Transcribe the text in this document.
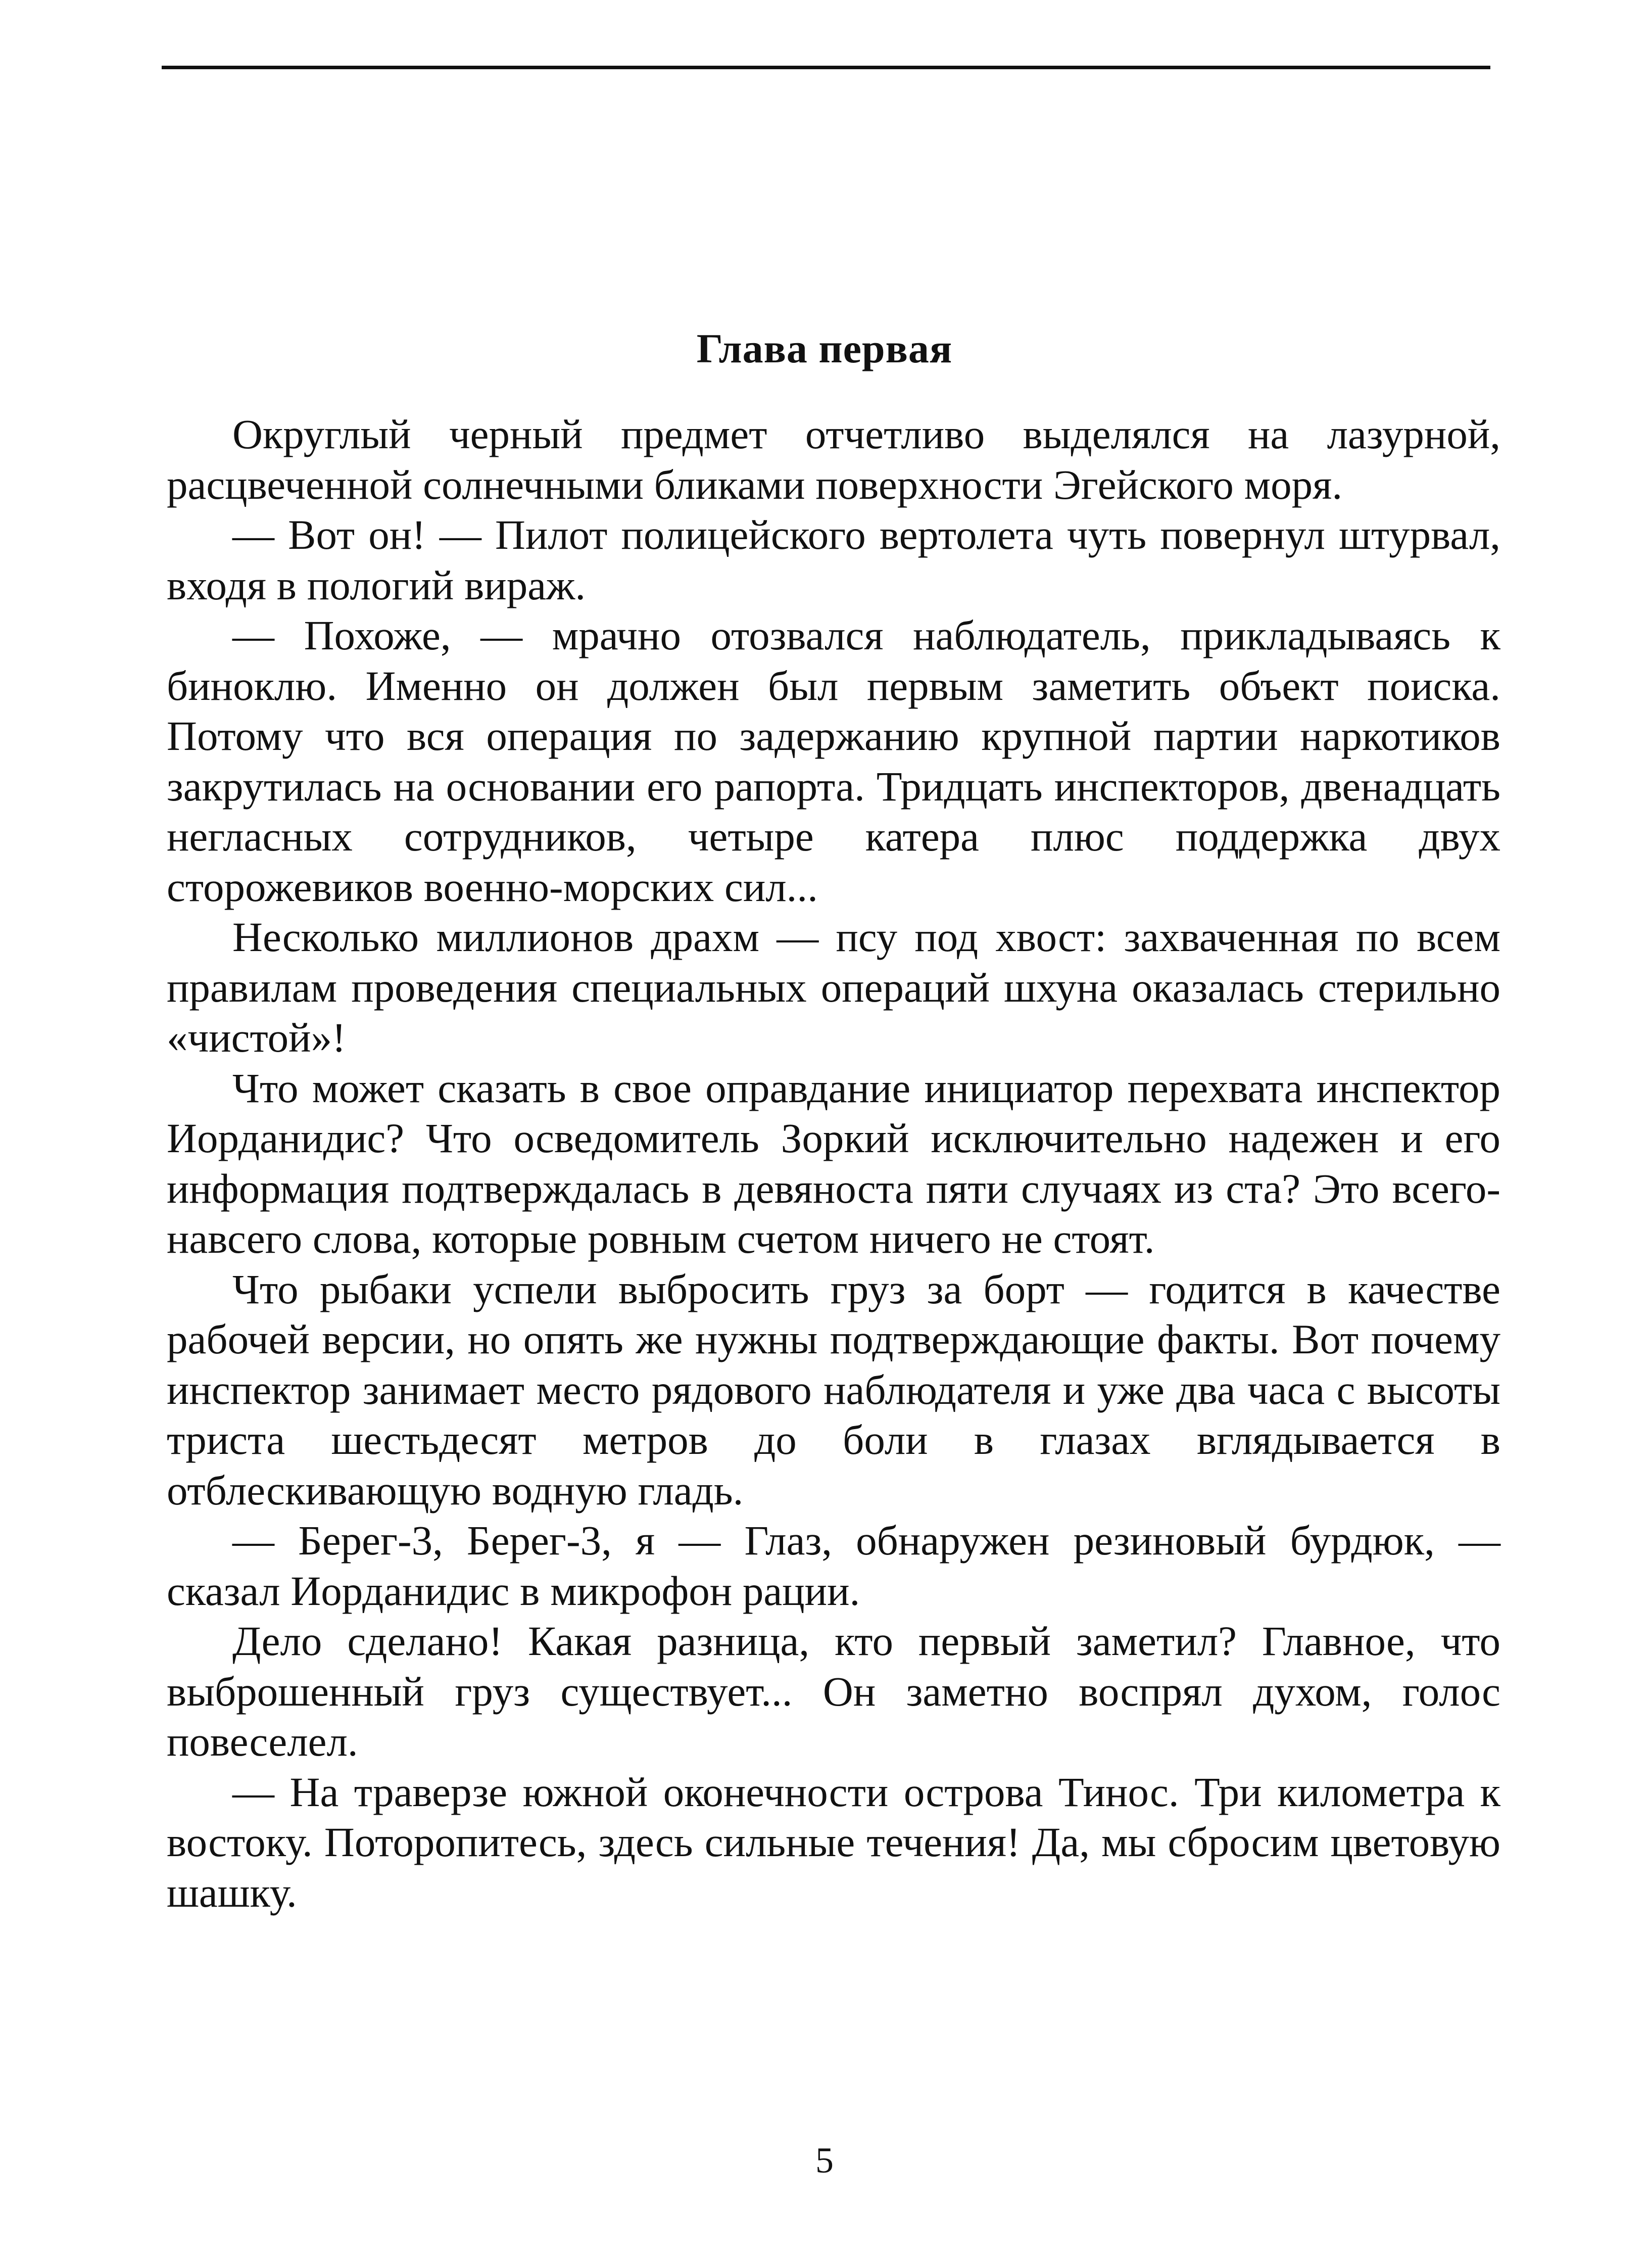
Глава первая

Округлый черный предмет отчетливо выделялся на лазурной, расцвеченной солнечными бликами поверхности Эгейского моря.

— Вот он! — Пилот полицейского вертолета чуть повернул штурвал, входя в пологий вираж.

— Похоже, — мрачно отозвался наблюдатель, прикладываясь к биноклю. Именно он должен был первым заметить объект поиска. Потому что вся операция по задержанию крупной партии наркотиков закрутилась на основании его рапорта. Тридцать инспекторов, двенадцать негласных сотрудников, четыре катера плюс поддержка двух сторожевиков военно-морских сил...

Несколько миллионов драхм — псу под хвост: захваченная по всем правилам проведения специальных операций шхуна оказалась стерильно «чистой»!

Что может сказать в свое оправдание инициатор перехвата инспектор Иорданидис? Что осведомитель Зоркий исключительно надежен и его информация подтверждалась в девяноста пяти случаях из ста? Это всего-навсего слова, которые ровным счетом ничего не стоят.

Что рыбаки успели выбросить груз за борт — годится в качестве рабочей версии, но опять же нужны подтверждающие факты. Вот почему инспектор занимает место рядового наблюдателя и уже два часа с высоты триста шестьдесят метров до боли в глазах вглядывается в отблескивающую водную гладь.

— Берег-3, Берег-3, я — Глаз, обнаружен резиновый бурдюк, — сказал Иорданидис в микрофон рации.

Дело сделано! Какая разница, кто первый заметил? Главное, что выброшенный груз существует... Он заметно воспрял духом, голос повеселел.

— На траверзе южной оконечности острова Тинос. Три километра к востоку. Поторопитесь, здесь сильные течения! Да, мы сбросим цветовую шашку.

5
